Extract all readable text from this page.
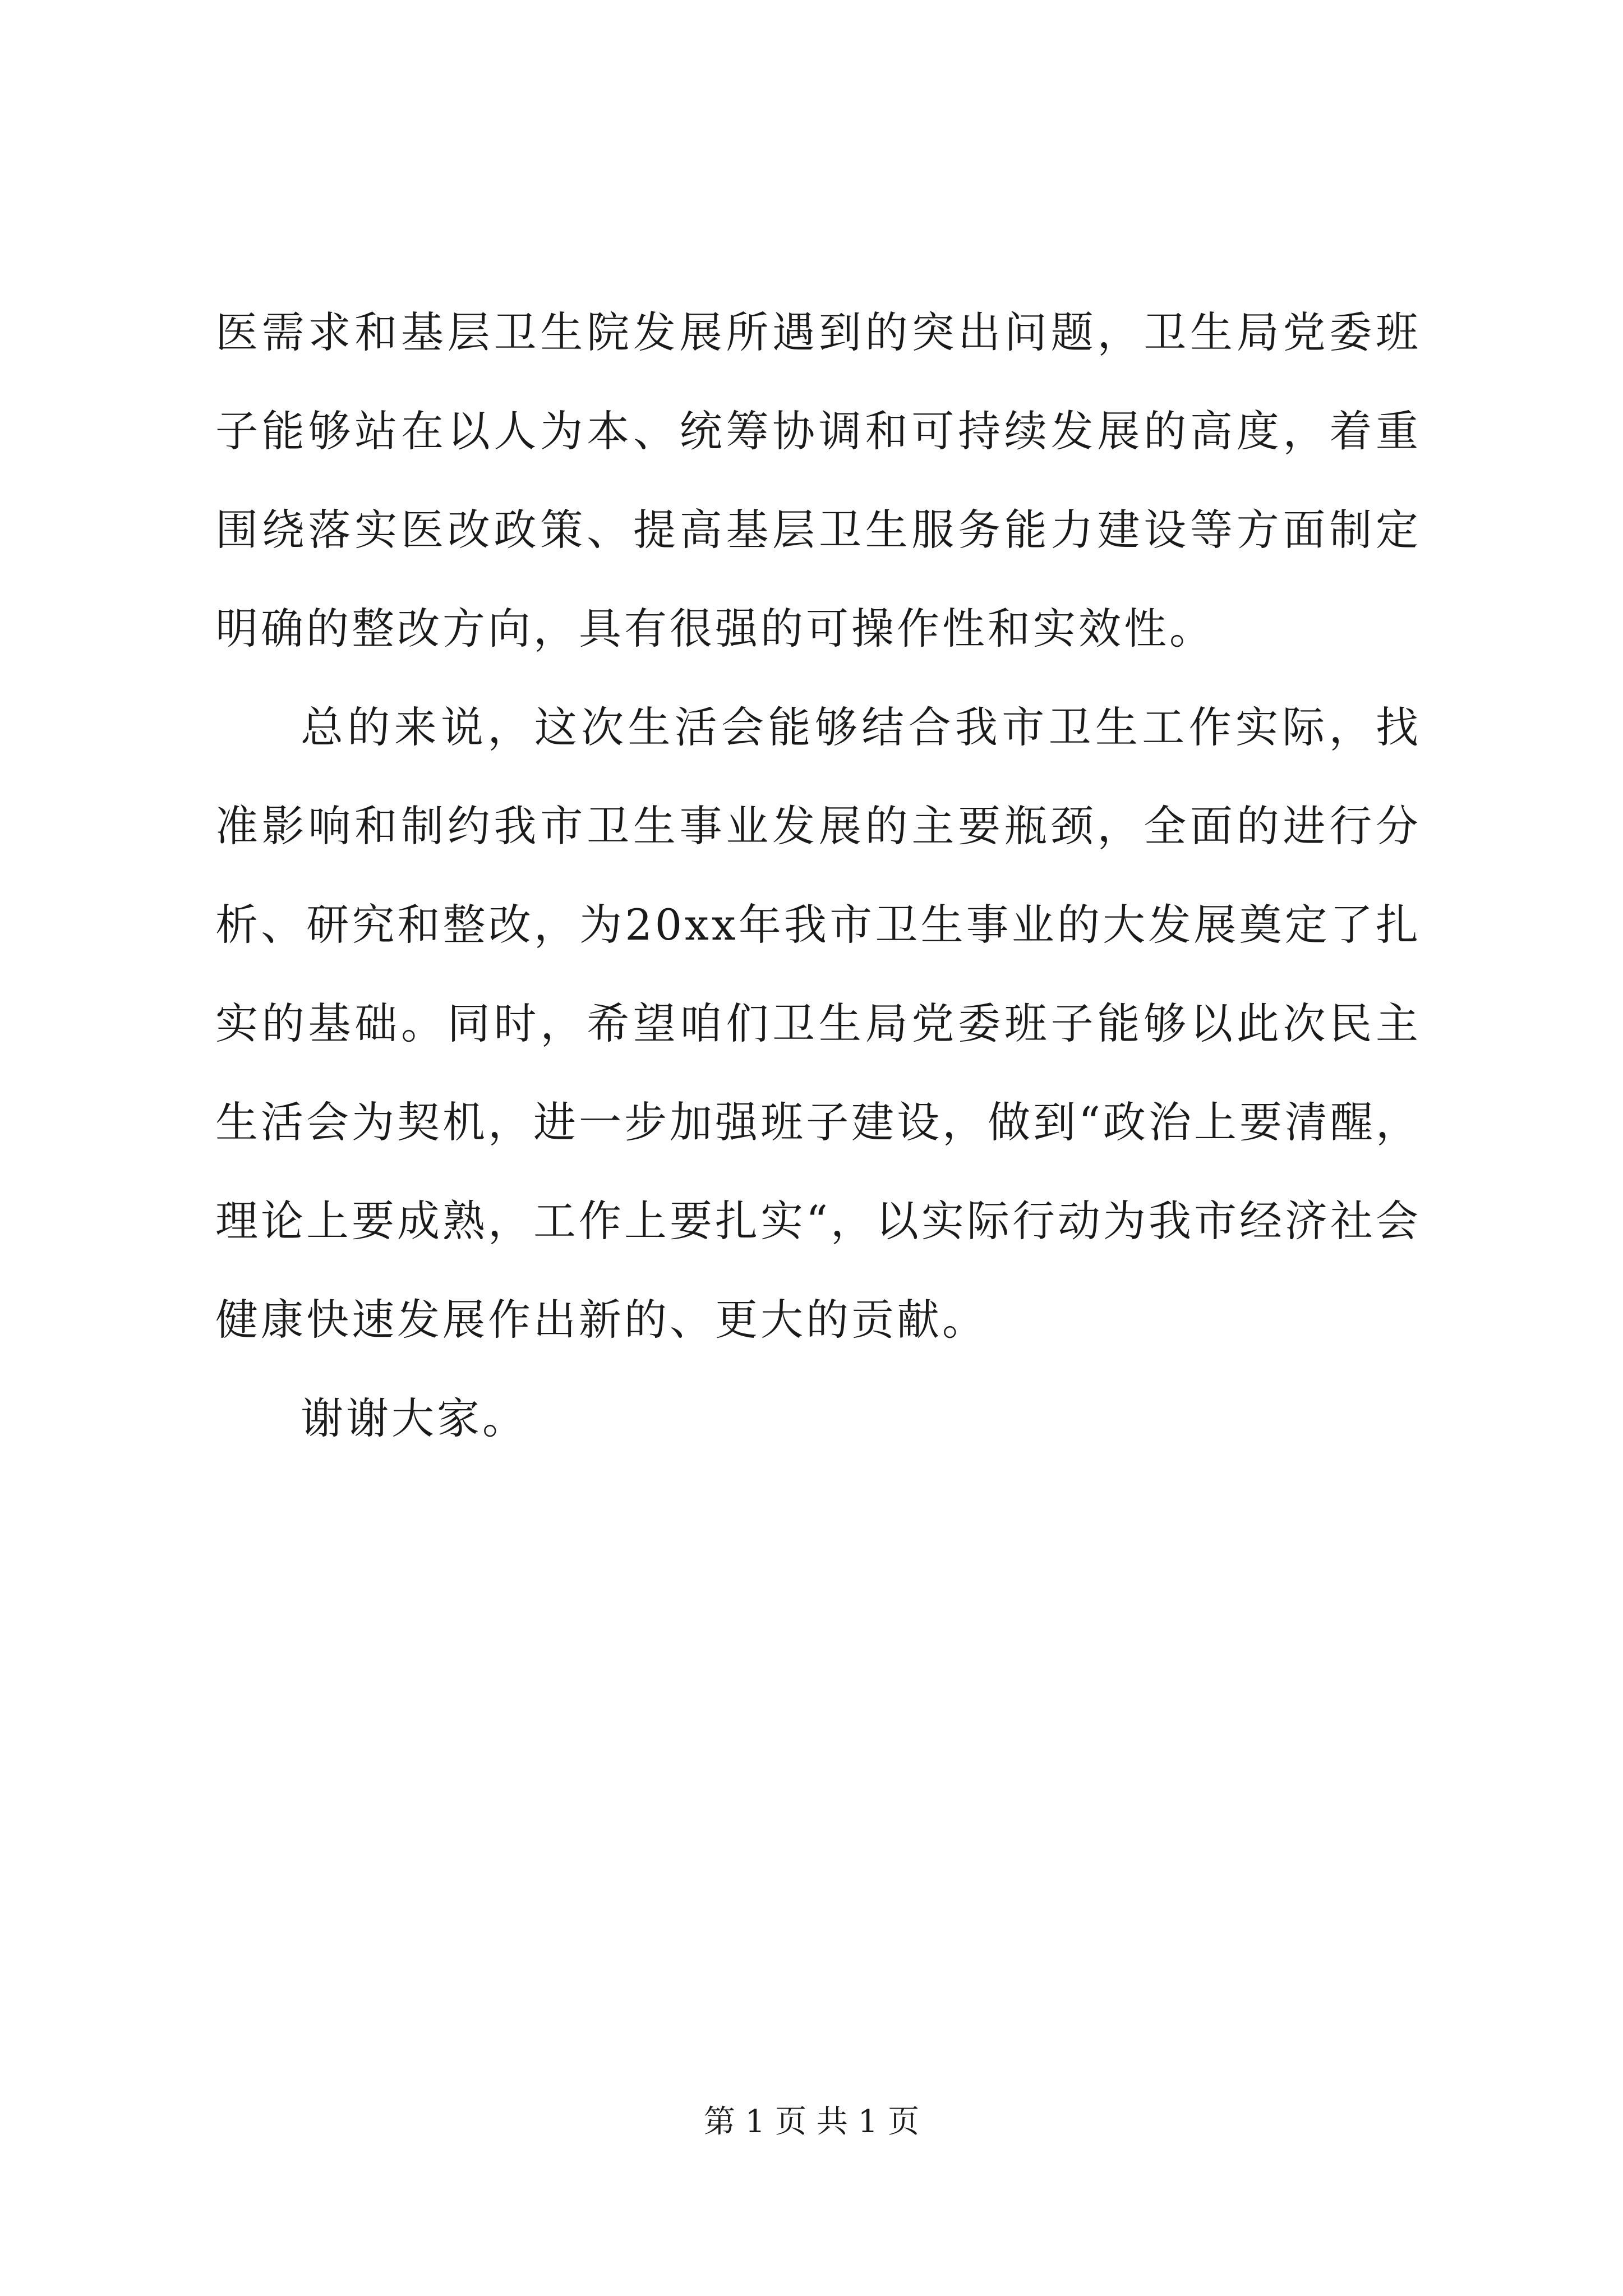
医需求和基层卫生院发展所遇到的突出问题，卫生局党委班子能够站在以人为本、统筹协调和可持续发展的高度，着重围绕落实医改政策、提高基层卫生服务能力建设等方面制定明确的整改方向，具有很强的可操作性和实效性。

总的来说，这次生活会能够结合我市卫生工作实际，找准影响和制约我市卫生事业发展的主要瓶颈，全面的进行分析、研究和整改，为20xx年我市卫生事业的大发展奠定了扎实的基础。同时，希望咱们卫生局党委班子能够以此次民主生活会为契机，进一步加强班子建设，做到“政治上要清醒，理论上要成熟，工作上要扎实“，以实际行动为我市经济社会健康快速发展作出新的、更大的贡献。

谢谢大家。

第 1 页 共 1 页
